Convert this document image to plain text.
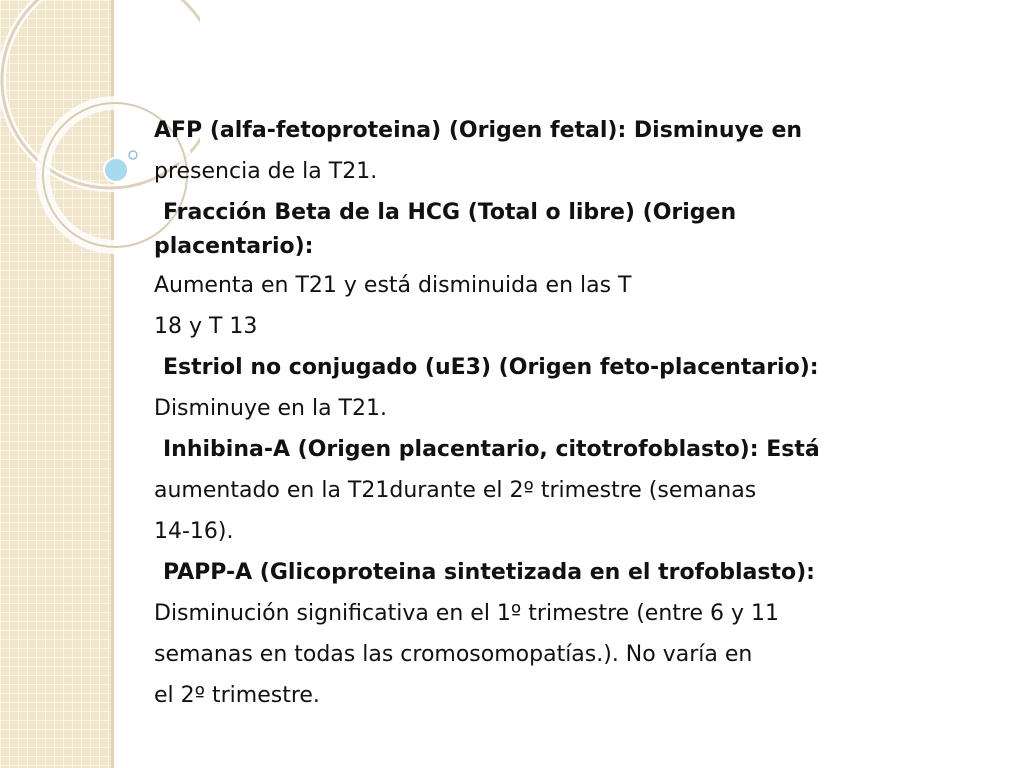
AFP (alfa-fetoproteina) (Origen fetal): Disminuye en

presencia de la T21.

Fracción Beta de la HCG (Total o libre) (Origen

placentario):

Aumenta en T21 y está disminuida en las T

18 y T 13

Estriol no conjugado (uE3) (Origen feto-placentario):

Disminuye en la T21.

Inhibina-A (Origen placentario, citotrofoblasto): Está

aumentado en la T21durante el 2º trimestre (semanas

14-16).

PAPP-A (Glicoproteina sintetizada en el trofoblasto):

Disminución significativa en el 1º trimestre (entre 6 y 11

semanas en todas las cromosomopatías.). No varía en

el 2º trimestre.
